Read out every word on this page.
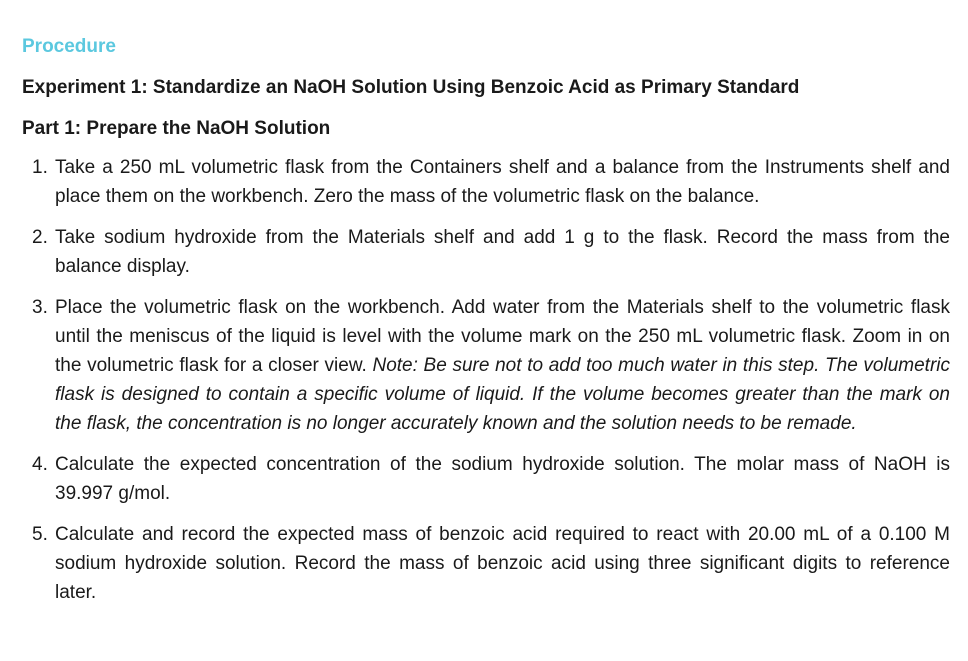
Procedure
Experiment 1: Standardize an NaOH Solution Using Benzoic Acid as Primary Standard
Part 1: Prepare the NaOH Solution
1. Take a 250 mL volumetric flask from the Containers shelf and a balance from the Instruments shelf and place them on the workbench. Zero the mass of the volumetric flask on the balance.
2. Take sodium hydroxide from the Materials shelf and add 1 g to the flask. Record the mass from the balance display.
3. Place the volumetric flask on the workbench. Add water from the Materials shelf to the volumetric flask until the meniscus of the liquid is level with the volume mark on the 250 mL volumetric flask. Zoom in on the volumetric flask for a closer view. Note: Be sure not to add too much water in this step. The volumetric flask is designed to contain a specific volume of liquid. If the volume becomes greater than the mark on the flask, the concentration is no longer accurately known and the solution needs to be remade.
4. Calculate the expected concentration of the sodium hydroxide solution. The molar mass of NaOH is 39.997 g/mol.
5. Calculate and record the expected mass of benzoic acid required to react with 20.00 mL of a 0.100 M sodium hydroxide solution. Record the mass of benzoic acid using three significant digits to reference later.
